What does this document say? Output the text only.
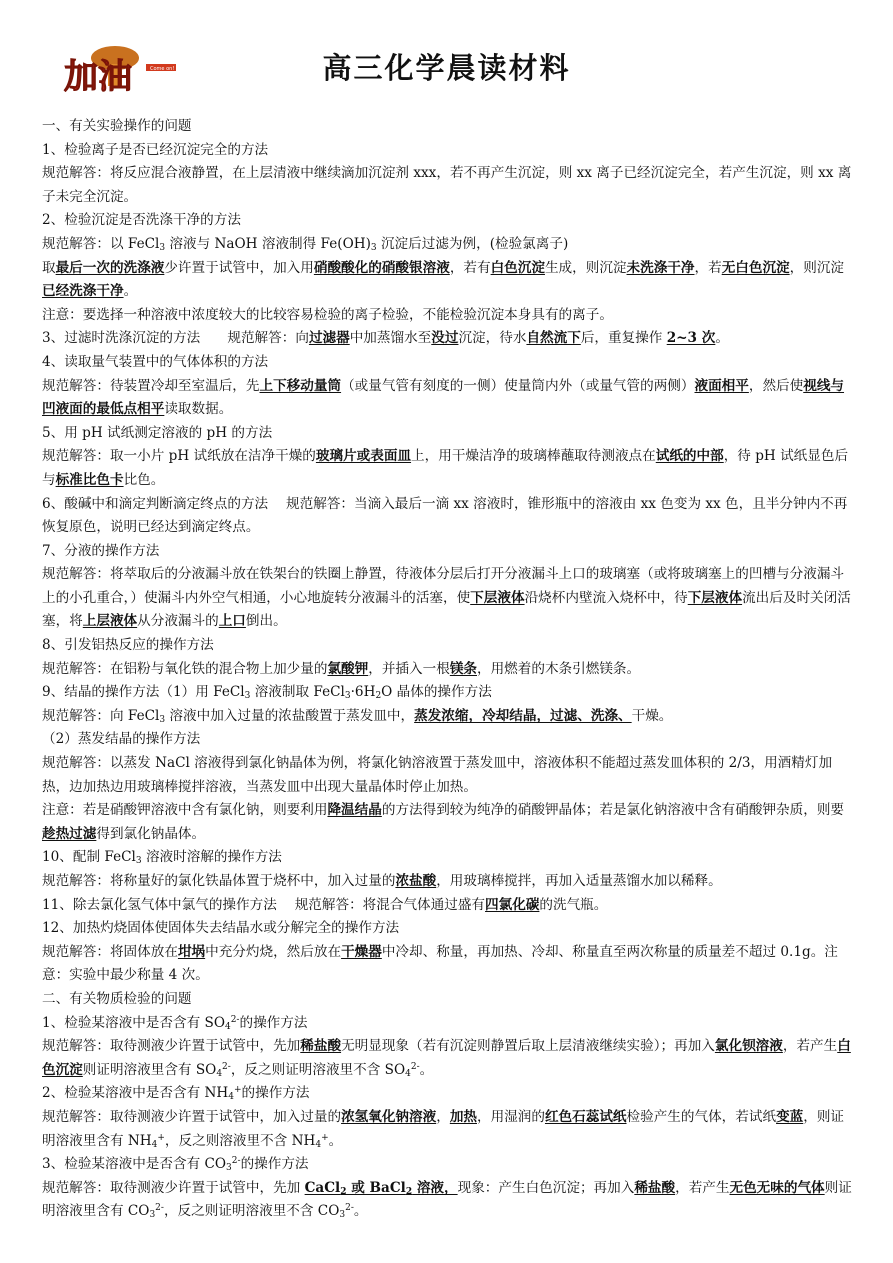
Come on!
加油	高三化学晨读材料

一、有关实验操作的问题

1、检验离子是否已经沉淀完全的方法

规范解答：将反应混合液静置，在上层清液中继续滴加沉淀剂 xxx，若不再产生沉淀，则 xx 离子已经沉淀完全，若产生沉淀，则 xx 离子未完全沉淀。

2、检验沉淀是否洗涤干净的方法

规范解答：以 FeCl$_3$ 溶液与 NaOH 溶液制得 $Fe(OH)_3$ 沉淀后过滤为例，(检验氯离子)

取最后一次的洗涤液少许置于试管中，加入用硝酸酸化的硝酸银溶液，若有白色沉淀生成，则沉淀未洗涤干净，若无白色沉淀，则沉淀已经洗涤干净。

注意：要选择一种溶液中浓度较大的比较容易检验的离子检验，不能检验沉淀本身具有的离子。

3、过滤时洗涤沉淀的方法　　规范解答：向过滤器中加蒸馏水至没过沉淀，待水自然流下后，重复操作 2~3 次。

4、读取量气装置中的气体体积的方法

规范解答：待装置冷却至室温后，先上下移动量筒（或量气管有刻度的一侧）使量筒内外（或量气管的两侧）液面相平，然后使视线与凹液面的最低点相平读取数据。

5、用 pH 试纸测定溶液的 pH 的方法

规范解答：取一小片 pH 试纸放在洁净干燥的玻璃片或表面皿上，用干燥洁净的玻璃棒蘸取待测液点在试纸的中部，待 pH 试纸显色后与标准比色卡比色。

6、酸碱中和滴定判断滴定终点的方法　 规范解答：当滴入最后一滴 xx 溶液时，锥形瓶中的溶液由 xx 色变为 xx 色，且半分钟内不再恢复原色，说明已经达到滴定终点。

7、分液的操作方法

规范解答：将萃取后的分液漏斗放在铁架台的铁圈上静置，待液体分层后打开分液漏斗上口的玻璃塞（或将玻璃塞上的凹槽与分液漏斗上的小孔重合，）使漏斗内外空气相通，小心地旋转分液漏斗的活塞，使下层液体沿烧杯内壁流入烧杯中，待下层液体流出后及时关闭活塞，将上层液体从分液漏斗的上口倒出。

8、引发铝热反应的操作方法

规范解答：在铝粉与氧化铁的混合物上加少量的氯酸钾，并插入一根镁条，用燃着的木条引燃镁条。

9、结晶的操作方法（1）用 FeCl$_3$ 溶液制取 $FeCl_3\cdot 6H_2O$ 晶体的操作方法

规范解答：向 FeCl$_3$ 溶液中加入过量的浓盐酸置于蒸发皿中，蒸发浓缩，冷却结晶，过滤、洗涤、干燥。

（2）蒸发结晶的操作方法

规范解答：以蒸发 NaCl 溶液得到氯化钠晶体为例，将氯化钠溶液置于蒸发皿中，溶液体积不能超过蒸发皿体积的 2/3，用酒精灯加热，边加热边用玻璃棒搅拌溶液，当蒸发皿中出现大量晶体时停止加热。

注意：若是硝酸钾溶液中含有氯化钠，则要利用降温结晶的方法得到较为纯净的硝酸钾晶体；若是氯化钠溶液中含有硝酸钾杂质，则要趁热过滤得到氯化钠晶体。

10、配制 FeCl$_3$ 溶液时溶解的操作方法

规范解答：将称量好的氯化铁晶体置于烧杯中，加入过量的浓盐酸，用玻璃棒搅拌，再加入适量蒸馏水加以稀释。

11、除去氯化氢气体中氯气的操作方法　 规范解答：将混合气体通过盛有四氯化碳的洗气瓶。

12、加热灼烧固体使固体失去结晶水或分解完全的操作方法

规范解答：将固体放在坩埚中充分灼烧，然后放在干燥器中冷却、称量，再加热、冷却、称量直至两次称量的质量差不超过 0.1g。注意：实验中最少称量 4 次。

二、有关物质检验的问题

1、检验某溶液中是否含有 $SO_4^{2-}$的操作方法

规范解答：取待测液少许置于试管中，先加稀盐酸无明显现象（若有沉淀则静置后取上层清液继续实验）；再加入氯化钡溶液，若产生白色沉淀则证明溶液里含有 $SO_4^{2-}$，反之则证明溶液里不含 $SO_4^{2-}$。

2、检验某溶液中是否含有 $NH_4^+$的操作方法

规范解答：取待测液少许置于试管中，加入过量的浓氢氧化钠溶液，加热，用湿润的红色石蕊试纸检验产生的气体，若试纸变蓝，则证明溶液里含有 $NH_4^+$，反之则溶液里不含 $NH_4^+$。

3、检验某溶液中是否含有 $CO_3^{2-}$的操作方法

规范解答：取待测液少许置于试管中，先加 CaCl$_2$ 或 BaCl$_2$ 溶液，现象：产生白色沉淀；再加入稀盐酸，若产生无色无味的气体则证明溶液里含有 $CO_3^{2-}$，反之则证明溶液里不含 $CO_3^{2-}$。
